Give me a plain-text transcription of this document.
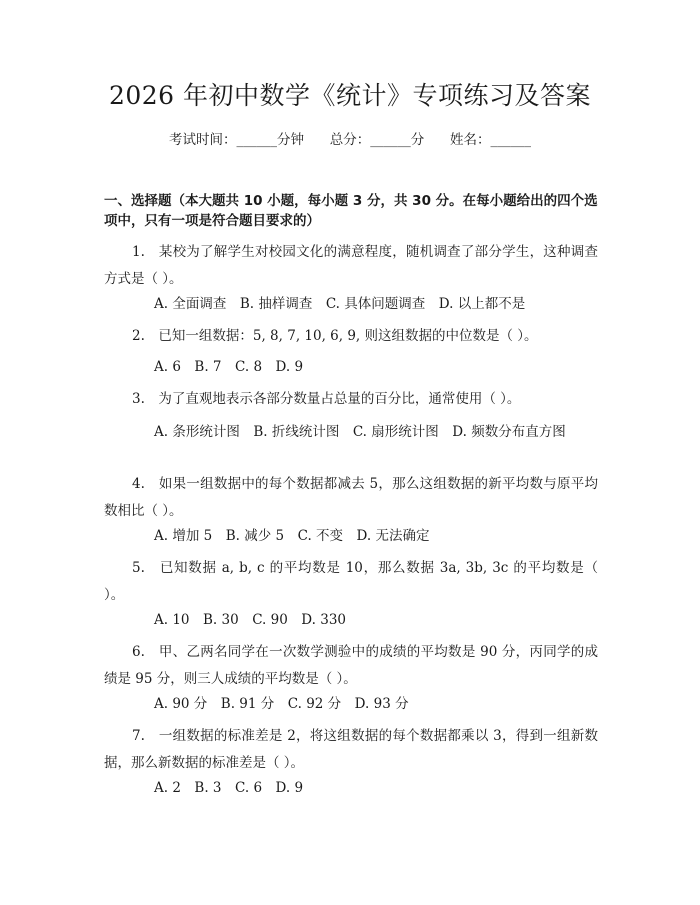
2026 年初中数学《统计》专项练习及答案
考试时间：______分钟      总分：______分      姓名：______
一、选择题（本大题共 10 小题，每小题 3 分，共 30 分。在每小题给出的四个选
项中，只有一项是符合题目要求的）
1.　某校为了解学生对校园文化的满意程度，随机调查了部分学生，这种调查方式是（ ）。
A. 全面调查　B. 抽样调查　C. 具体问题调查　D. 以上都不是
2.　已知一组数据：5, 8, 7, 10, 6, 9, 则这组数据的中位数是（ ）。
A. 6　B. 7　C. 8　D. 9
3.　为了直观地表示各部分数量占总量的百分比，通常使用（ ）。
A. 条形统计图　B. 折线统计图　C. 扇形统计图　D. 频数分布直方图
4.　如果一组数据中的每个数据都减去 5，那么这组数据的新平均数与原平均数相比（ ）。
A. 增加 5　B. 减少 5　C. 不变　D. 无法确定
5.　已知数据 a, b, c 的平均数是 10，那么数据 3a, 3b, 3c 的平均数是（ ）。
A. 10　B. 30　C. 90　D. 330
6.　甲、乙两名同学在一次数学测验中的成绩的平均数是 90 分，丙同学的成绩是 95 分，则三人成绩的平均数是（ ）。
A. 90 分　B. 91 分　C. 92 分　D. 93 分
7.　一组数据的标准差是 2，将这组数据的每个数据都乘以 3，得到一组新数据，那么新数据的标准差是（ ）。
A. 2　B. 3　C. 6　D. 9
